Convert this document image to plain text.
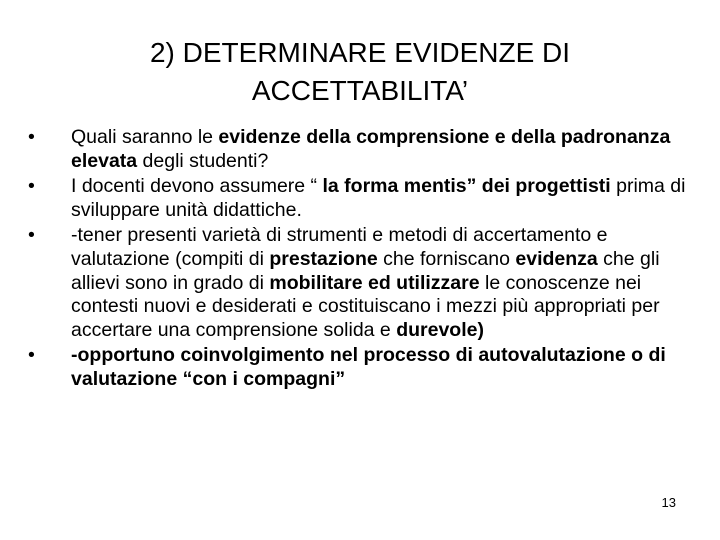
2) DETERMINARE EVIDENZE DI
ACCETTABILITA’
•	Quali saranno le evidenze della comprensione e della padronanza elevata degli studenti?
•	I docenti devono assumere “ la forma mentis” dei progettisti prima di sviluppare unità didattiche.
•	-tener presenti varietà di strumenti e metodi di accertamento e valutazione (compiti di prestazione che forniscano evidenza che gli allievi sono in grado di mobilitare ed utilizzare le conoscenze nei contesti nuovi e desiderati e costituiscano i mezzi più appropriati per accertare una comprensione solida e durevole)
•	-opportuno coinvolgimento nel processo di autovalutazione o di valutazione “con i compagni”
13
